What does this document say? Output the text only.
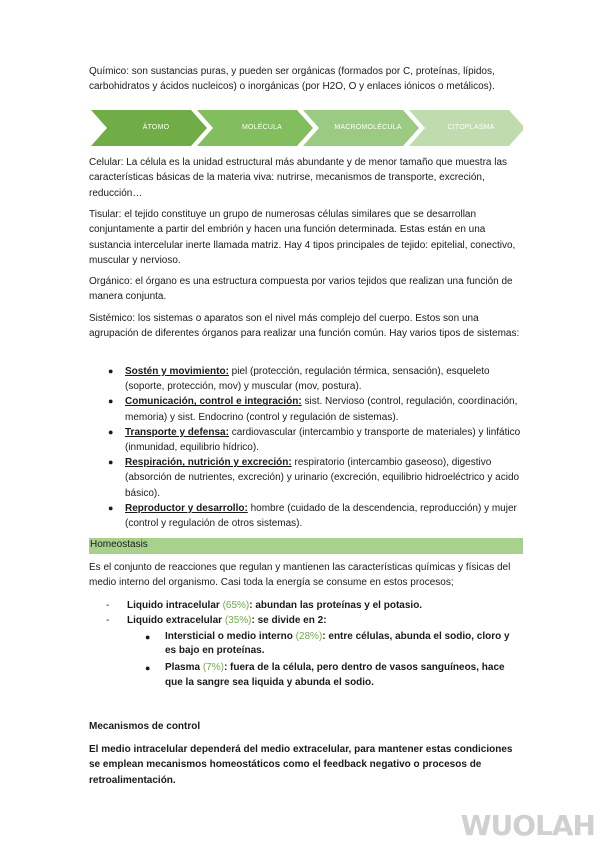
Químico: son sustancias puras, y pueden ser orgánicas (formados por C, proteínas, lípidos, carbohidratos y ácidos nucleicos) o inorgánicas (por H2O, O y enlaces iónicos o metálicos).

ÁTOMO	MOLÉCULA	MACROMOLÉCULA	CITOPLASMA

Celular: La célula es la unidad estructural más abundante y de menor tamaño que muestra las características básicas de la materia viva: nutrirse, mecanismos de transporte, excreción, reducción…

Tisular: el tejido constituye un grupo de numerosas células similares que se desarrollan conjuntamente a partir del embrión y hacen una función determinada. Estas están en una sustancia intercelular inerte llamada matriz. Hay 4 tipos principales de tejido: epitelial, conectivo, muscular y nervioso.

Orgánico: el órgano es una estructura compuesta por varios tejidos que realizan una función de manera conjunta.

Sistémico: los sistemas o aparatos son el nivel más complejo del cuerpo. Estos son una agrupación de diferentes órganos para realizar una función común. Hay varios tipos de sistemas:

● Sostén y movimiento: piel (protección, regulación térmica, sensación), esqueleto (soporte, protección, mov) y muscular (mov, postura).
● Comunicación, control e integración: sist. Nervioso (control, regulación, coordinación, memoria) y sist. Endocrino (control y regulación de sistemas).
● Transporte y defensa: cardiovascular (intercambio y transporte de materiales) y linfático (inmunidad, equilibrio hídrico).
● Respiración, nutrición y excreción: respiratorio (intercambio gaseoso), digestivo (absorción de nutrientes, excreción) y urinario (excreción, equilibrio hidroeléctrico y acido básico).
● Reproductor y desarrollo: hombre (cuidado de la descendencia, reproducción) y mujer (control y regulación de otros sistemas).
Homeostasis

Es el conjunto de reacciones que regulan y mantienen las características químicas y físicas del medio interno del organismo. Casi toda la energía se consume en estos procesos;

- Liquido intracelular (65%): abundan las proteínas y el potasio.
- Liquido extracelular (35%): se divide en 2:
● Intersticial o medio interno (28%): entre células, abunda el sodio, cloro y es bajo en proteínas.
● Plasma (7%): fuera de la célula, pero dentro de vasos sanguíneos, hace que la sangre sea liquida y abunda el sodio.

Mecanismos de control

El medio intracelular dependerá del medio extracelular, para mantener estas condiciones se emplean mecanismos homeostáticos como el feedback negativo o procesos de retroalimentación.

WUOLAH
